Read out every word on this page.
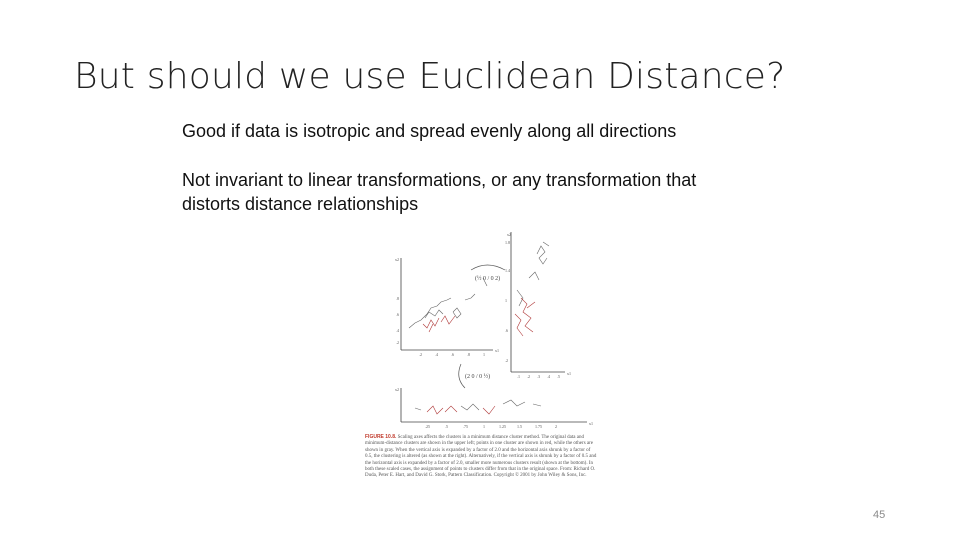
But should we use Euclidean Distance?
Good if data is isotropic and spread evenly along all directions
Not invariant to linear transformations, or any transformation that distorts distance relationships
x2
x1
.8
.6
.4
.2
.2	.4	.6	.8	1
(½ 0 / 0 2)
x2
x1
1.8
1.4
1
.6
.2
.1 .2 .3 .4 .5
(2 0 / 0 ½)
x2
x1
.25	.5	.75	1	1.25	1.5	1.75	2
FIGURE 10.8. Scaling axes affects the clusters in a minimum distance cluster method. The original data and minimum-distance clusters are shown in the upper left; points in one cluster are shown in red, while the others are shown in gray. When the vertical axis is expanded by a factor of 2.0 and the horizontal axis shrunk by a factor of 0.5, the clustering is altered (as shown at the right). Alternatively, if the vertical axis is shrunk by a factor of 0.5 and the horizontal axis is expanded by a factor of 2.0, smaller more numerous clusters result (shown at the bottom). In both these scaled cases, the assignment of points to clusters differ from that in the original space. From: Richard O. Duda, Peter E. Hart, and David G. Stork, Pattern Classification. Copyright © 2001 by John Wiley & Sons, Inc.
45
